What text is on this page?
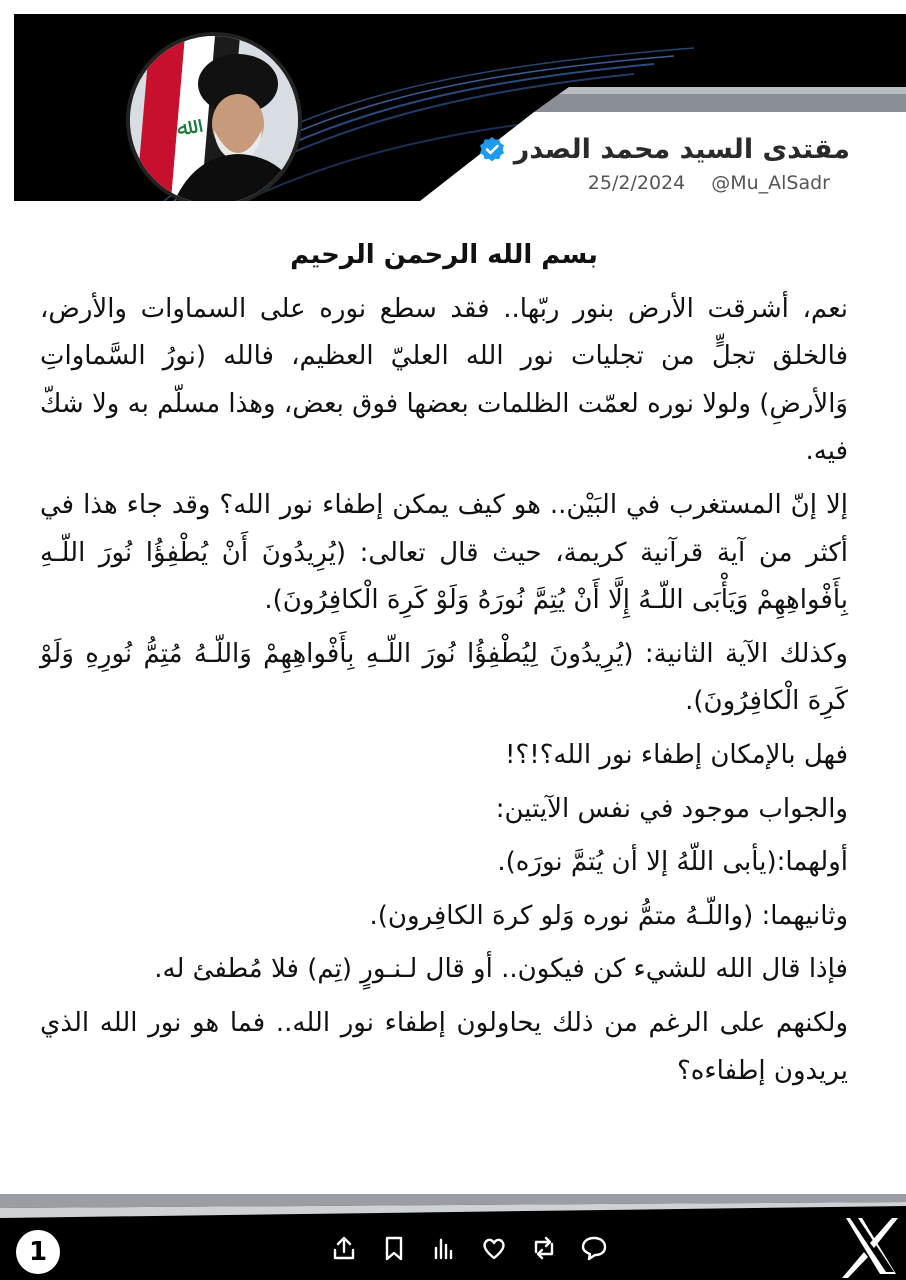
ﷲ
مقتدى السيد محمد الصدر
25/2/2024 @Mu_AlSadr
بسم الله الرحمن الرحيم

نعم، أشرقت الأرض بنور ربّها.. فقد سطع نوره على السماوات والأرض، فالخلق تجلٍّ من تجليات نور الله العليّ العظيم، فالله (نورُ السَّماواتِ وَالأرضِ) ولولا نوره لعمّت الظلمات بعضها فوق بعض، وهذا مسلّم به ولا شكّ فيه.

إلا إنّ المستغرب في البَيْن.. هو كيف يمكن إطفاء نور الله؟ وقد جاء هذا في أكثر من آية قرآنية كريمة، حيث قال تعالى: (يُرِيدُونَ أَنْ يُطْفِؤُا نُورَ اللّـهِ بِأَفْواهِهِمْ وَيَأْبَى اللّـهُ إِلَّا أَنْ يُتِمَّ نُورَهُ وَلَوْ كَرِهَ الْكافِرُونَ).

وكذلك الآية الثانية: (يُرِيدُونَ لِيُطْفِؤُا نُورَ اللّـهِ بِأَفْواهِهِمْ وَاللّـهُ مُتِمُّ نُورِهِ وَلَوْ كَرِهَ الْكافِرُونَ).

فهل بالإمكان إطفاء نور الله؟!؟!

والجواب موجود في نفس الآيتين:

أولهما:(يأبى اللّهُ إلا أن يُتمَّ نورَه).

وثانيهما: (واللّـهُ متمُّ نوره وَلو كرهَ الكافِرون).

فإذا قال الله للشيء كن فيكون.. أو قال لـنـورٍ (تِم) فلا مُطفئ له.

ولكنهم على الرغم من ذلك يحاولون إطفاء نور الله.. فما هو نور الله الذي يريدون إطفاءه؟

1
